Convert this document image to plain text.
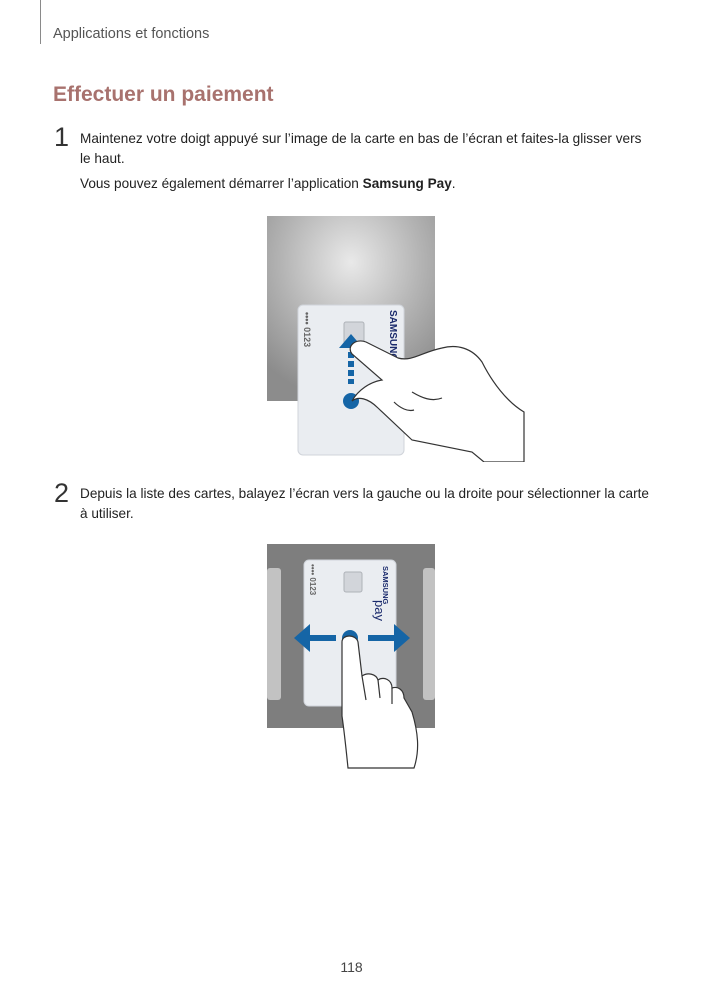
Applications et fonctions
Effectuer un paiement
1 Maintenez votre doigt appuyé sur l’image de la carte en bas de l’écran et faites-la glisser vers le haut.
Vous pouvez également démarrer l’application Samsung Pay.
•••• 0123	SAMSUNG
2 Depuis la liste des cartes, balayez l’écran vers la gauche ou la droite pour sélectionner la carte à utiliser.
•••• 0123	SAMSUNG
pay
118
